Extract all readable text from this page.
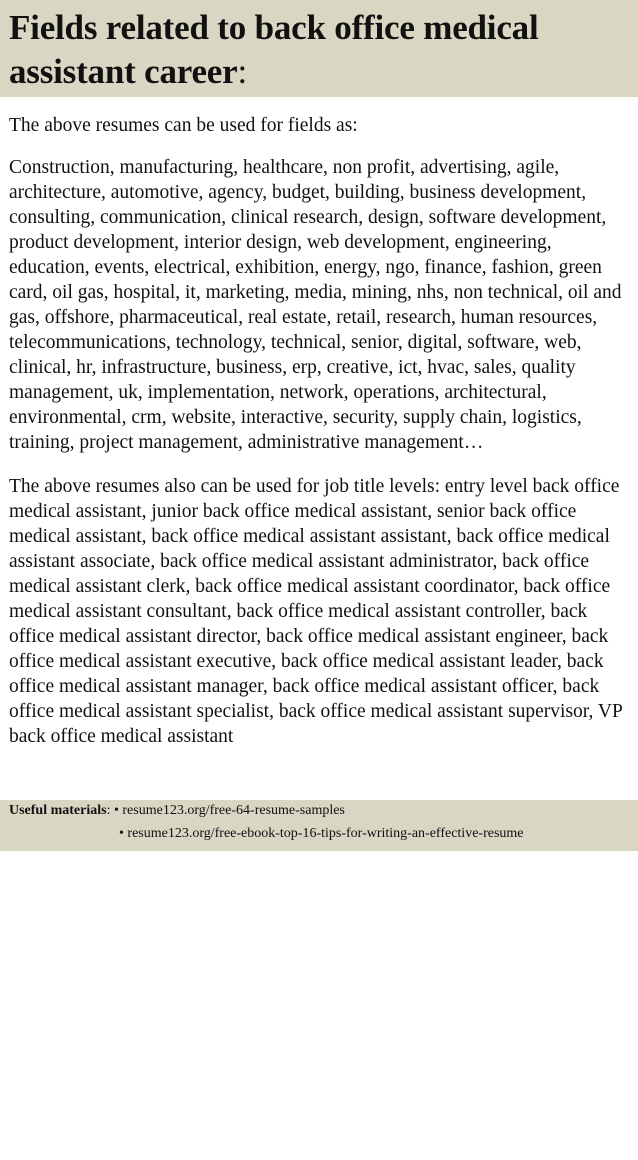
Fields related to back office medical assistant career:

The above resumes can be used for fields as:

Construction, manufacturing, healthcare, non profit, advertising, agile, architecture, automotive, agency, budget, building, business development, consulting, communication, clinical research, design, software development, product development, interior design, web development, engineering, education, events, electrical, exhibition, energy, ngo, finance, fashion, green card, oil gas, hospital, it, marketing, media, mining, nhs, non technical, oil and gas, offshore, pharmaceutical, real estate, retail, research, human resources, telecommunications, technology, technical, senior, digital, software, web, clinical, hr, infrastructure, business, erp, creative, ict, hvac, sales, quality management, uk, implementation, network, operations, architectural, environmental, crm, website, interactive, security, supply chain, logistics, training, project management, administrative management…

The above resumes also can be used for job title levels: entry level back office medical assistant, junior back office medical assistant, senior back office medical assistant, back office medical assistant assistant, back office medical assistant associate, back office medical assistant administrator, back office medical assistant clerk, back office medical assistant coordinator, back office medical assistant consultant, back office medical assistant controller, back office medical assistant director, back office medical assistant engineer, back office medical assistant executive, back office medical assistant leader, back office medical assistant manager, back office medical assistant officer, back office medical assistant specialist, back office medical assistant supervisor, VP back office medical assistant

Useful materials: • resume123.org/free-64-resume-samples
• resume123.org/free-ebook-top-16-tips-for-writing-an-effective-resume
